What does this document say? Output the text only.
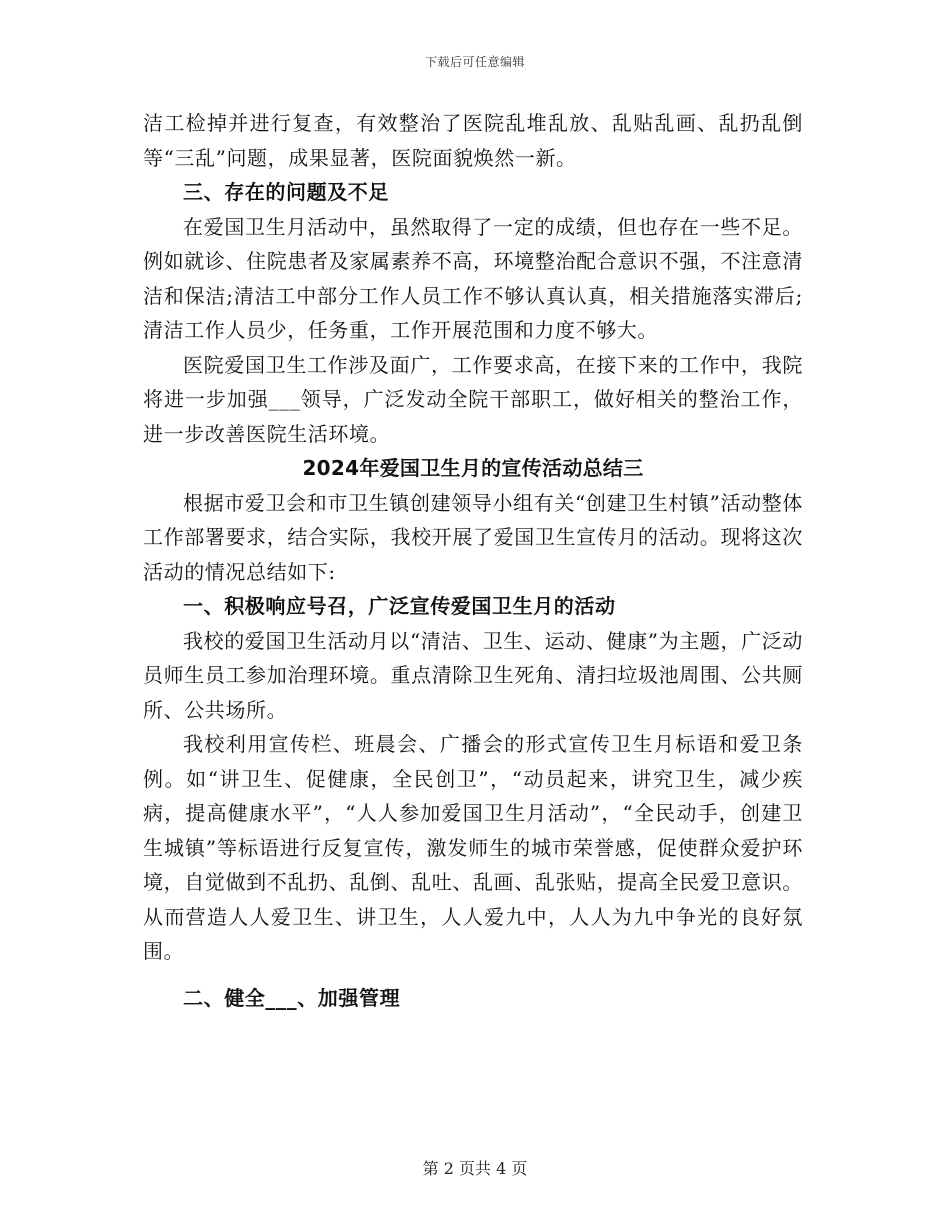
下载后可任意编辑

洁工检掉并进行复查，有效整治了医院乱堆乱放、乱贴乱画、乱扔乱倒等“三乱”问题，成果显著，医院面貌焕然一新。

三、存在的问题及不足

在爱国卫生月活动中，虽然取得了一定的成绩，但也存在一些不足。例如就诊、住院患者及家属素养不高，环境整治配合意识不强，不注意清洁和保洁;清洁工中部分工作人员工作不够认真认真，相关措施落实滞后;清洁工作人员少，任务重，工作开展范围和力度不够大。

医院爱国卫生工作涉及面广，工作要求高，在接下来的工作中，我院将进一步加强___领导，广泛发动全院干部职工，做好相关的整治工作，进一步改善医院生活环境。

2024年爱国卫生月的宣传活动总结三

根据市爱卫会和市卫生镇创建领导小组有关“创建卫生村镇”活动整体工作部署要求，结合实际，我校开展了爱国卫生宣传月的活动。现将这次活动的情况总结如下:

一、积极响应号召，广泛宣传爱国卫生月的活动

我校的爱国卫生活动月以“清洁、卫生、运动、健康”为主题，广泛动员师生员工参加治理环境。重点清除卫生死角、清扫垃圾池周围、公共厕所、公共场所。

我校利用宣传栏、班晨会、广播会的形式宣传卫生月标语和爱卫条例。如“讲卫生、促健康，全民创卫”，“动员起来，讲究卫生，减少疾病，提高健康水平”，“人人参加爱国卫生月活动”，“全民动手，创建卫生城镇”等标语进行反复宣传，激发师生的城市荣誉感，促使群众爱护环境，自觉做到不乱扔、乱倒、乱吐、乱画、乱张贴，提高全民爱卫意识。从而营造人人爱卫生、讲卫生，人人爱九中，人人为九中争光的良好氛围。

二、健全___、加强管理

第 2 页共 4 页
